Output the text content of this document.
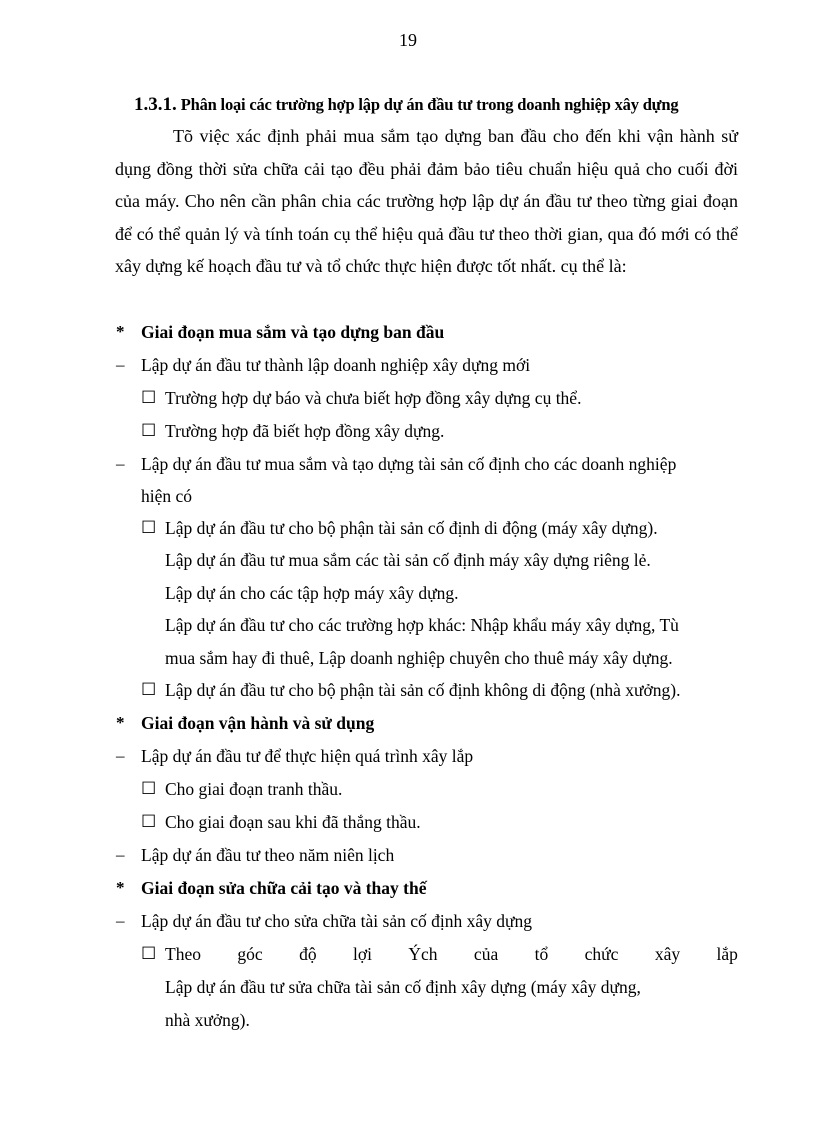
19
1.3.1. Phân loại các trường hợp lập dự án đầu tư trong doanh nghiệp xây dựng
Tõ việc xác định phải mua sắm tạo dựng ban đầu cho đến khi vận hành sử dụng đồng thời sửa chữa cải tạo đều phải đảm bảo tiêu chuẩn hiệu quả cho cuối đời của máy. Cho nên cần phân chia các trường hợp lập dự án đầu tư theo từng giai đoạn để có thể quản lý và tính toán cụ thể hiệu quả đầu tư theo thời gian, qua đó mới có thể xây dựng kế hoạch đầu tư và tổ chức thực hiện được tốt nhất. cụ thể là:
* Giai đoạn mua sắm và tạo dựng ban đầu
– Lập dự án đầu tư thành lập doanh nghiệp xây dựng mới
☐ Trường hợp dự báo và chưa biết hợp đồng xây dựng cụ thể.
☐ Trường hợp đã biết hợp đồng xây dựng.
– Lập dự án đầu tư mua sắm và tạo dựng tài sản cố định cho các doanh nghiệp
hiện có
☐ Lập dự án đầu tư cho bộ phận tài sản cố định di động (máy xây dựng).
Lập dự án đầu tư mua sắm các tài sản cố định máy xây dựng riêng lẻ.
Lập dự án cho các tập hợp máy xây dựng.
Lập dự án đầu tư cho các trường hợp khác: Nhập khẩu máy xây dựng, Tù
mua sắm hay đi thuê, Lập doanh nghiệp chuyên cho thuê máy xây dựng.
☐ Lập dự án đầu tư cho bộ phận tài sản cố định không di động (nhà xưởng).
* Giai đoạn vận hành và sử dụng
– Lập dự án đầu tư để thực hiện quá trình xây lắp
☐ Cho giai đoạn tranh thầu.
☐ Cho giai đoạn sau khi đã thắng thầu.
– Lập dự án đầu tư theo năm niên lịch
* Giai đoạn sửa chữa cải tạo và thay thế
– Lập dự án đầu tư cho sửa chữa tài sản cố định xây dựng
☐ Theo góc độ lợi Ých của tổ chức xây lắp
Lập dự án đầu tư sửa chữa tài sản cố định xây dựng (máy xây dựng,
nhà xưởng).
